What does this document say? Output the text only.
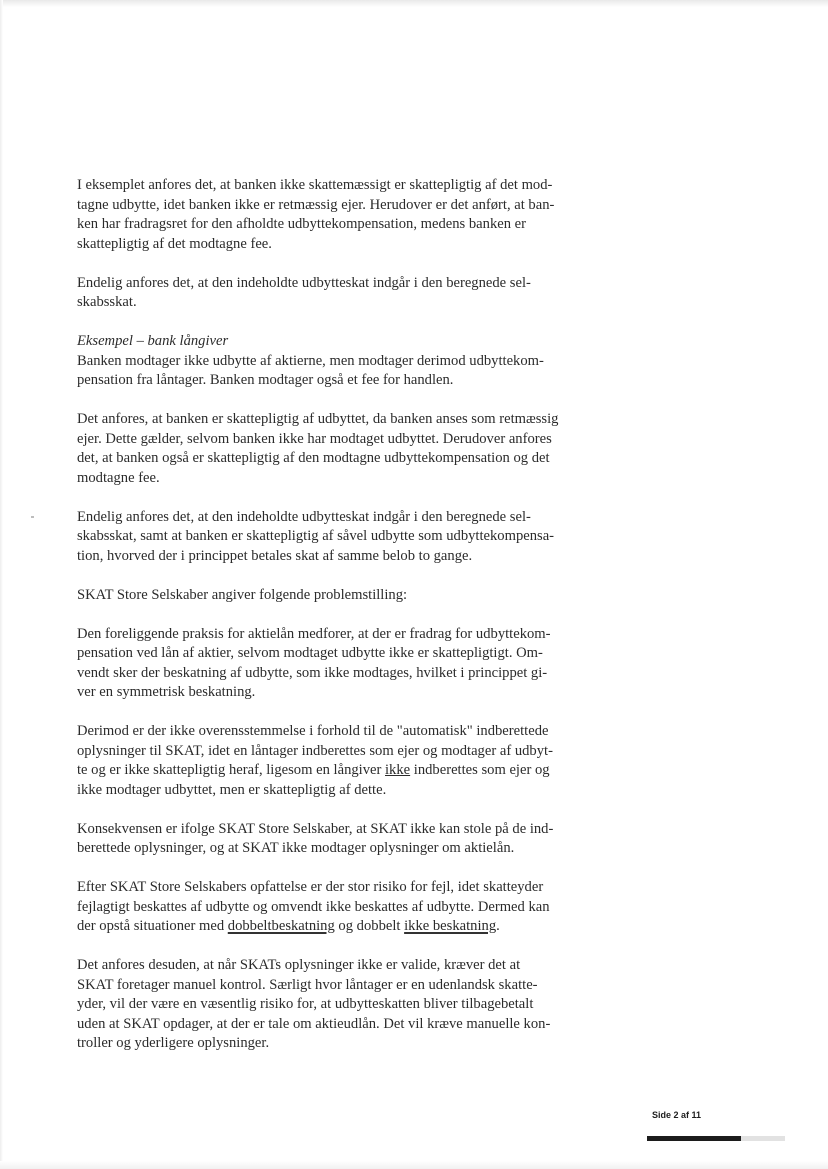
I eksemplet anfores det, at banken ikke skattemæssigt er skattepligtig af det mod-
tagne udbytte, idet banken ikke er retmæssig ejer. Herudover er det anført, at ban-
ken har fradragsret for den afholdte udbyttekompensation, medens banken er
skattepligtig af det modtagne fee.

Endelig anfores det, at den indeholdte udbytteskat indgår i den beregnede sel-
skabsskat.

Eksempel – bank långiver
Banken modtager ikke udbytte af aktierne, men modtager derimod udbyttekom-
pensation fra låntager. Banken modtager også et fee for handlen.

Det anfores, at banken er skattepligtig af udbyttet, da banken anses som retmæssig
ejer. Dette gælder, selvom banken ikke har modtaget udbyttet. Derudover anfores
det, at banken også er skattepligtig af den modtagne udbyttekompensation og det
modtagne fee.

Endelig anfores det, at den indeholdte udbytteskat indgår i den beregnede sel-
skabsskat, samt at banken er skattepligtig af såvel udbytte som udbyttekompensa-
tion, hvorved der i princippet betales skat af samme belob to gange.

SKAT Store Selskaber angiver folgende problemstilling:

Den foreliggende praksis for aktielån medforer, at der er fradrag for udbyttekom-
pensation ved lån af aktier, selvom modtaget udbytte ikke er skattepligtigt. Om-
vendt sker der beskatning af udbytte, som ikke modtages, hvilket i princippet gi-
ver en symmetrisk beskatning.

Derimod er der ikke overensstemmelse i forhold til de "automatisk" indberettede
oplysninger til SKAT, idet en låntager indberettes som ejer og modtager af udbyt-
te og er ikke skattepligtig heraf, ligesom en långiver ikke indberettes som ejer og
ikke modtager udbyttet, men er skattepligtig af dette.

Konsekvensen er ifolge SKAT Store Selskaber, at SKAT ikke kan stole på de ind-
berettede oplysninger, og at SKAT ikke modtager oplysninger om aktielån.

Efter SKAT Store Selskabers opfattelse er der stor risiko for fejl, idet skatteyder
fejlagtigt beskattes af udbytte og omvendt ikke beskattes af udbytte. Dermed kan
der opstå situationer med dobbeltbeskatning og dobbelt ikke beskatning.

Det anfores desuden, at når SKATs oplysninger ikke er valide, kræver det at
SKAT foretager manuel kontrol. Særligt hvor låntager er en udenlandsk skatte-
yder, vil der være en væsentlig risiko for, at udbytteskatten bliver tilbagebetalt
uden at SKAT opdager, at der er tale om aktieudlån. Det vil kræve manuelle kon-
troller og yderligere oplysninger.

Side 2 af 11
